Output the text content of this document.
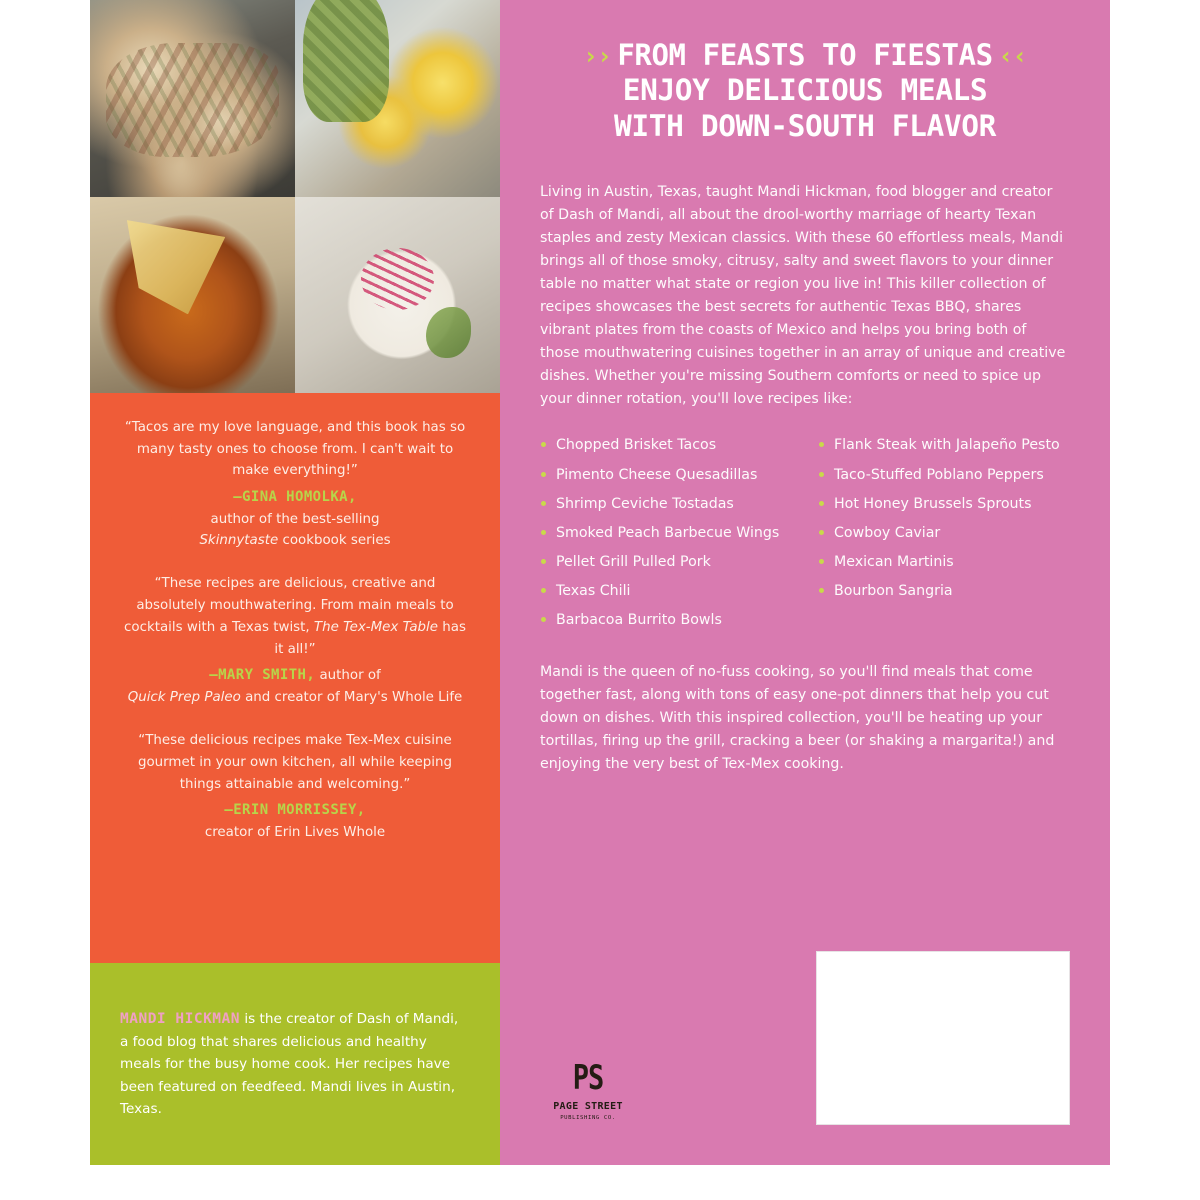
“Tacos are my love language, and this book has so many tasty ones to choose from. I can't wait to make everything!”

—GINA HOMOLKA,
author of the best-selling
Skinnytaste cookbook series

“These recipes are delicious, creative and absolutely mouthwatering. From main meals to cocktails with a Texas twist, The Tex-Mex Table has it all!”

—MARY SMITH, author of
Quick Prep Paleo and creator of Mary's Whole Life

“These delicious recipes make Tex-Mex cuisine gourmet in your own kitchen, all while keeping things attainable and welcoming.”

—ERIN MORRISSEY,
creator of Erin Lives Whole

MANDI HICKMAN is the creator of Dash of Mandi, a food blog that shares delicious and healthy meals for the busy home cook. Her recipes have been featured on feedfeed. Mandi lives in Austin, Texas.

›› FROM FEASTS TO FIESTAS ‹‹
ENJOY DELICIOUS MEALS
WITH DOWN-SOUTH FLAVOR

Living in Austin, Texas, taught Mandi Hickman, food blogger and creator of Dash of Mandi, all about the drool-worthy marriage of hearty Texan staples and zesty Mexican classics. With these 60 effortless meals, Mandi brings all of those smoky, citrusy, salty and sweet flavors to your dinner table no matter what state or region you live in! This killer collection of recipes showcases the best secrets for authentic Texas BBQ, shares vibrant plates from the coasts of Mexico and helps you bring both of those mouthwatering cuisines together in an array of unique and creative dishes. Whether you're missing Southern comforts or need to spice up your dinner rotation, you'll love recipes like:

Chopped Brisket Tacos
Pimento Cheese Quesadillas
Shrimp Ceviche Tostadas
Smoked Peach Barbecue Wings
Pellet Grill Pulled Pork
Texas Chili
Barbacoa Burrito Bowls
Flank Steak with Jalapeño Pesto
Taco-Stuffed Poblano Peppers
Hot Honey Brussels Sprouts
Cowboy Caviar
Mexican Martinis
Bourbon Sangria

Mandi is the queen of no-fuss cooking, so you'll find meals that come together fast, along with tons of easy one-pot dinners that help you cut down on dishes. With this inspired collection, you'll be heating up your tortillas, firing up the grill, cracking a beer (or shaking a margarita!) and enjoying the very best of Tex-Mex cooking.

PS
PAGE STREET
PUBLISHING CO.
